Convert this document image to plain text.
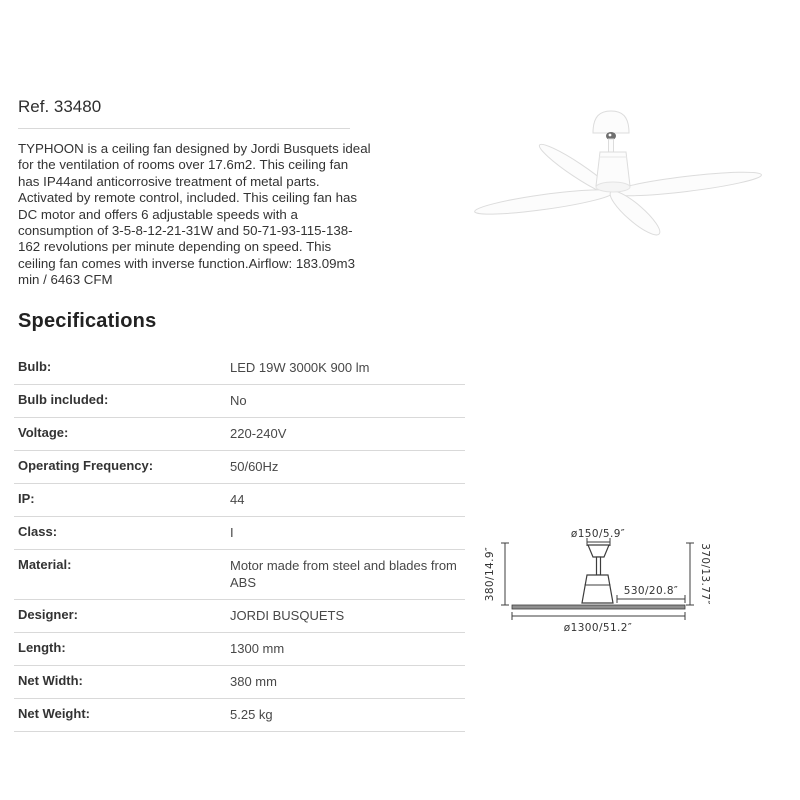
Ref. 33480
TYPHOON is a ceiling fan designed by Jordi Busquets ideal for the ventilation of rooms over 17.6m2. This ceiling fan has IP44and anticorrosive treatment of metal parts. Activated by remote control, included. This ceiling fan has DC motor and offers 6 adjustable speeds with a consumption of 3-5-8-12-21-31W and 50-71-93-115-138-162 revolutions per minute depending on speed. This ceiling fan comes with inverse function.Airflow: 183.09m3 min / 6463 CFM
Specifications
Bulb:	LED 19W 3000K 900 lm
Bulb included:	No
Voltage:	220-240V
Operating Frequency:	50/60Hz
IP:	44
Class:	I
Material:	Motor made from steel and blades from ABS
Designer:	JORDI BUSQUETS
Length:	1300 mm
Net Width:	380 mm
Net Weight:	5.25 kg
ø150/5.9″
380/14.9″	370/13.77″
530/20.8″
ø1300/51.2″
